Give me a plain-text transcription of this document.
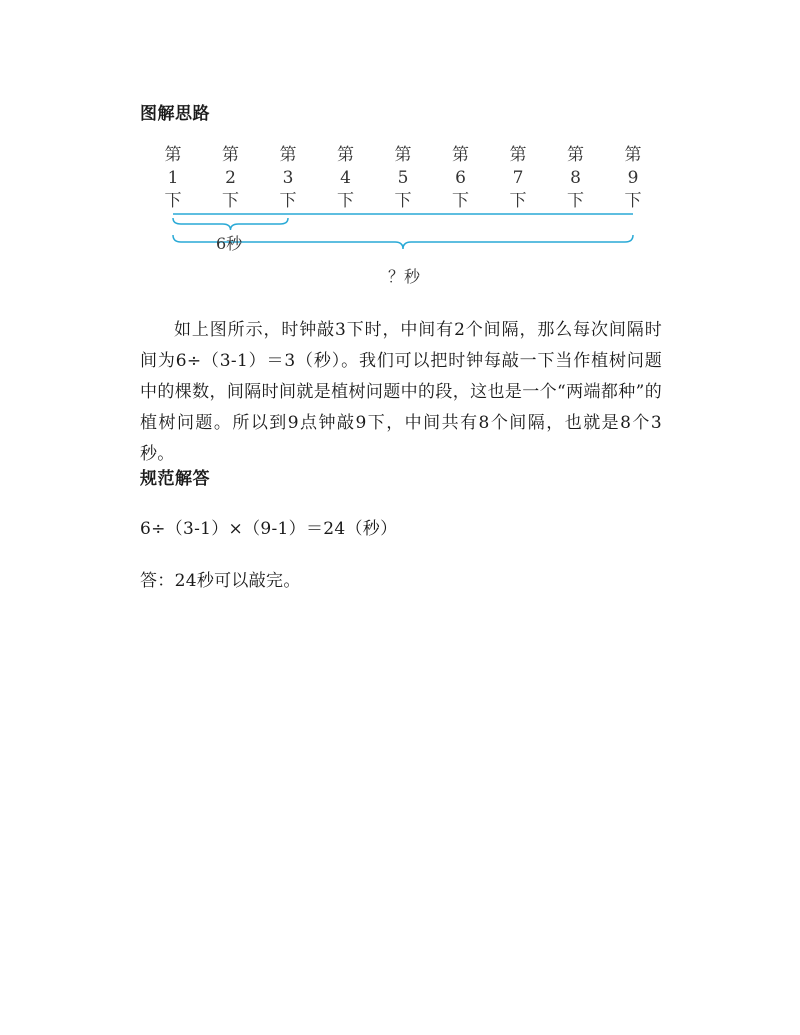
图解思路
第
1
下
第
2
下
第
3
下
第
4
下
第
5
下
第
6
下
第
7
下
第
8
下
第
9
下
6秒
？秒

如上图所示，时钟敲3下时，中间有2个间隔，那么每次间隔时间为6÷（3-1）＝3（秒）。我们可以把时钟每敲一下当作植树问题中的棵数，间隔时间就是植树问题中的段，这也是一个“两端都种”的植树问题。所以到9点钟敲9下，中间共有8个间隔，也就是8个3秒。

规范解答

6÷（3-1）×（9-1）＝24（秒）

答：24秒可以敲完。
